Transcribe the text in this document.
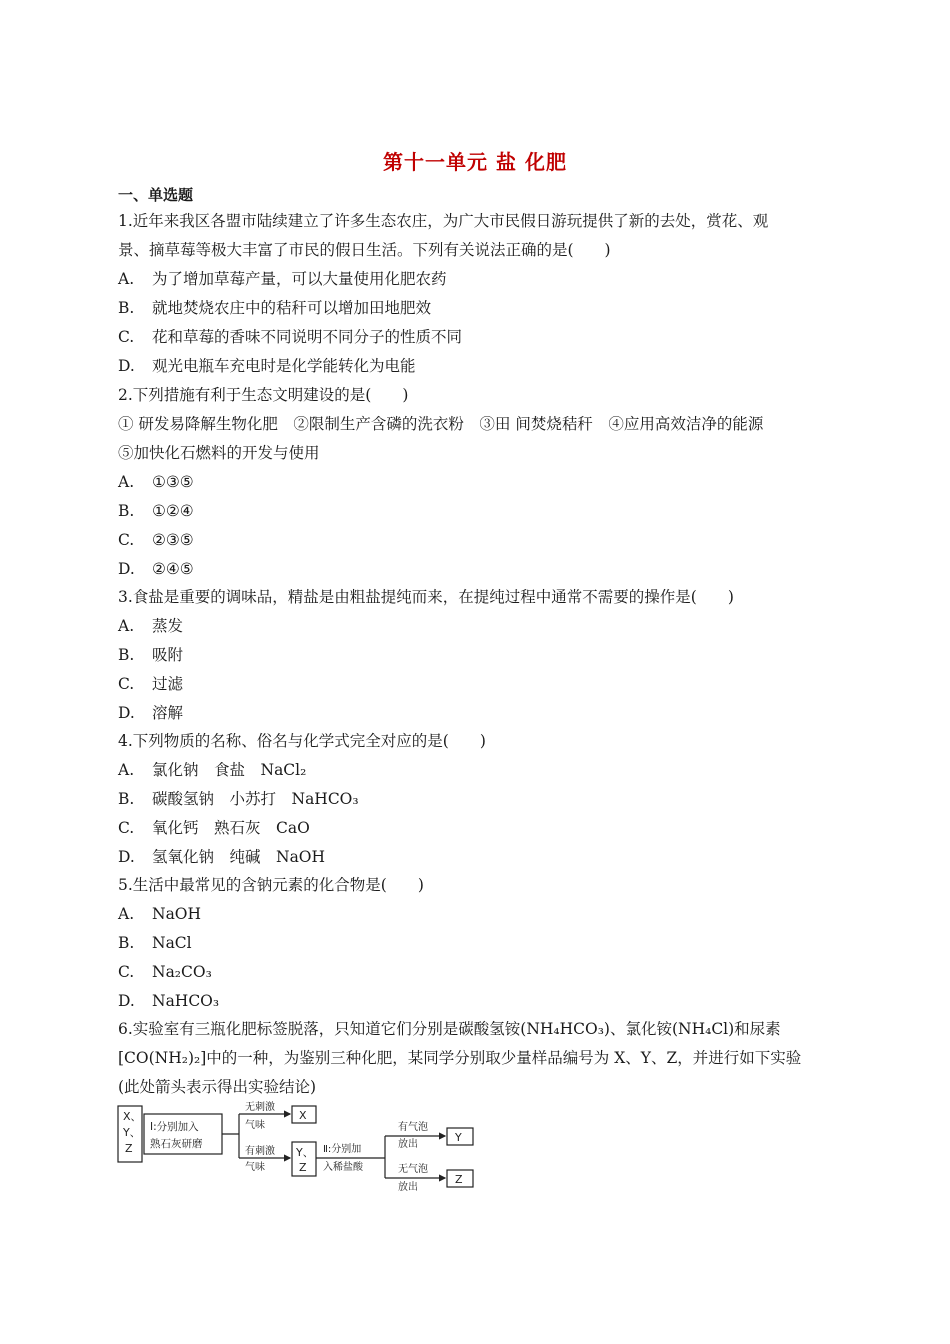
第十一单元 盐 化肥
一、单选题
1.近年来我区各盟市陆续建立了许多生态农庄，为广大市民假日游玩提供了新的去处，赏花、观
景、摘草莓等极大丰富了市民的假日生活。下列有关说法正确的是(　　)
A. 为了增加草莓产量，可以大量使用化肥农药
B. 就地焚烧农庄中的秸秆可以增加田地肥效
C. 花和草莓的香味不同说明不同分子的性质不同
D. 观光电瓶车充电时是化学能转化为电能
2.下列措施有利于生态文明建设的是(　　)
① 研发易降解生物化肥　②限制生产含磷的洗衣粉　③田 间焚烧秸秆　④应用高效洁净的能源
⑤加快化石燃料的开发与使用
A. ①③⑤
B. ①②④
C. ②③⑤
D. ②④⑤
3.食盐是重要的调味品，精盐是由粗盐提纯而来，在提纯过程中通常不需要的操作是(　　)
A. 蒸发
B. 吸附
C. 过滤
D. 溶解
4.下列物质的名称、俗名与化学式完全对应的是(　　)
A. 氯化钠　食盐　NaCl₂
B. 碳酸氢钠　小苏打　NaHCO₃
C. 氧化钙　熟石灰　CaO
D. 氢氧化钠　纯碱　NaOH
5.生活中最常见的含钠元素的化合物是(　　)
A. NaOH
B. NaCl
C. Na₂CO₃
D. NaHCO₃
6.实验室有三瓶化肥标签脱落，只知道它们分别是碳酸氢铵(NH₄HCO₃)、氯化铵(NH₄Cl)和尿素
[CO(NH₂)₂]中的一种，为鉴别三种化肥，某同学分别取少量样品编号为 X、Y、Z，并进行如下实验
(此处箭头表示得出实验结论)
X、
Y、
Z
Ⅰ:分别加入
熟石灰研磨
无刺激
气味
有刺激
气味
X
Y、
Z
Ⅱ:分别加
入稀盐酸
有气泡
放出
无气泡
放出
Y
Z
